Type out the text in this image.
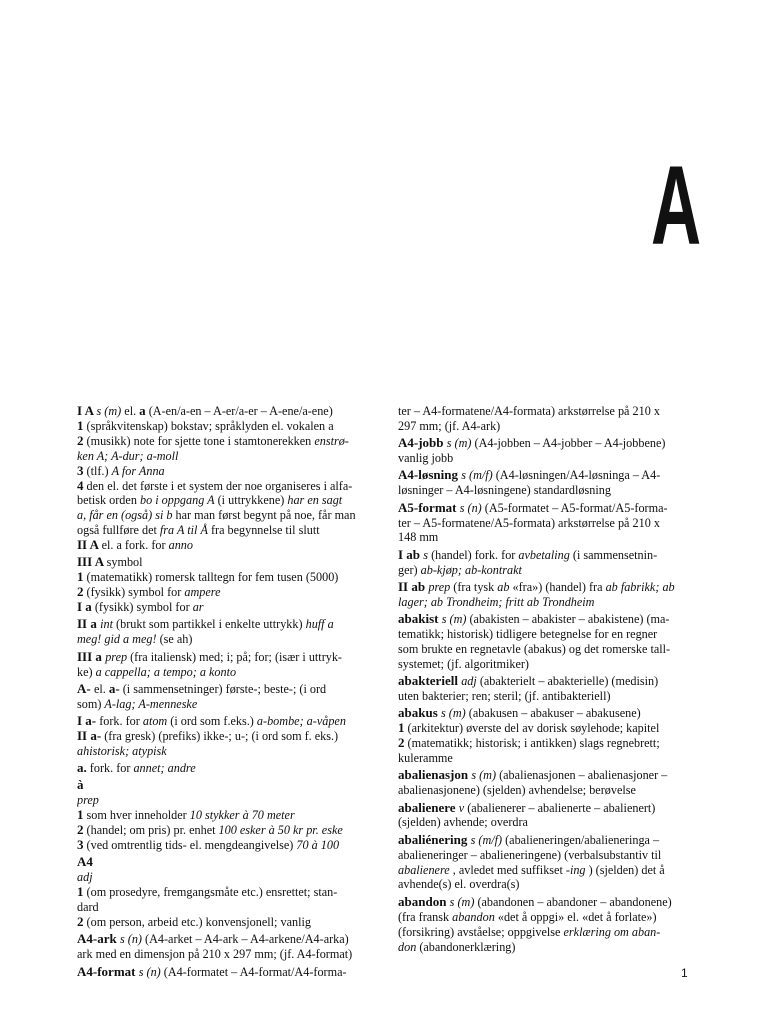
A
I A s (m) el. a (A-en/a-en – A-er/a-er – A-ene/a-ene)
1 (språkvitenskap) bokstav; språklyden el. vokalen a
2 (musikk) note for sjette tone i stamtonerekken enstrø-
ken A; A-dur; a-moll
3 (tlf.) A for Anna
4 den el. det første i et system der noe organiseres i alfa-
betisk orden bo i oppgang A (i uttrykkene) har en sagt
a, får en (også) si b har man først begynt på noe, får man
også fullføre det fra A til Å fra begynnelse til slutt
II A el. a fork. for anno
III A symbol
1 (matematikk) romersk talltegn for fem tusen (5000)
2 (fysikk) symbol for ampere
I a (fysikk) symbol for ar
II a int (brukt som partikkel i enkelte uttrykk) huff a
meg! gid a meg! (se ah)
III a prep (fra italiensk) med; i; på; for; (især i uttryk-
ke) a cappella; a tempo; a konto
A- el. a- (i sammensetninger) første-; beste-; (i ord
som) A-lag; A-menneske
I a- fork. for atom (i ord som f.eks.) a-bombe; a-våpen
II a- (fra gresk) (prefiks) ikke-; u-; (i ord som f. eks.)
ahistorisk; atypisk
a. fork. for annet; andre
à
prep
1 som hver inneholder 10 stykker à 70 meter
2 (handel; om pris) pr. enhet 100 esker à 50 kr pr. eske
3 (ved omtrentlig tids- el. mengdeangivelse) 70 à 100
A4
adj
1 (om prosedyre, fremgangsmåte etc.) ensrettet; stan-
dard
2 (om person, arbeid etc.) konvensjonell; vanlig
A4-ark s (n) (A4-arket – A4-ark – A4-arkene/A4-arka)
ark med en dimensjon på 210 x 297 mm; (jf. A4-format)
A4-format s (n) (A4-formatet – A4-format/A4-forma-
ter – A4-formatene/A4-formata) arkstørrelse på 210 x
297 mm; (jf. A4-ark)
A4-jobb s (m) (A4-jobben – A4-jobber – A4-jobbene)
vanlig jobb
A4-løsning s (m/f) (A4-løsningen/A4-løsninga – A4-
løsninger – A4-løsningene) standardløsning
A5-format s (n) (A5-formatet – A5-format/A5-forma-
ter – A5-formatene/A5-formata) arkstørrelse på 210 x
148 mm
I ab s (handel) fork. for avbetaling (i sammensetnin-
ger) ab-kjøp; ab-kontrakt
II ab prep (fra tysk ab «fra») (handel) fra ab fabrikk; ab
lager; ab Trondheim; fritt ab Trondheim
abakist s (m) (abakisten – abakister – abakistene) (ma-
tematikk; historisk) tidligere betegnelse for en regner
som brukte en regnetavle (abakus) og det romerske tall-
systemet; (jf. algoritmiker)
abakteriell adj (abakterielt – abakterielle) (medisin)
uten bakterier; ren; steril; (jf. antibakteriell)
abakus s (m) (abakusen – abakuser – abakusene)
1 (arkitektur) øverste del av dorisk søylehode; kapitel
2 (matematikk; historisk; i antikken) slags regnebrett;
kuleramme
abalienasjon s (m) (abalienasjonen – abalienasjoner –
abalienasjonene) (sjelden) avhendelse; berøvelse
abalienere v (abalienerer – abalienerte – abalienert)
(sjelden) avhende; overdra
abaliénering s (m/f) (abalieneringen/abalieneringa –
abalieneringer – abalieneringene) (verbalsubstantiv til
abalienere , avledet med suffikset -ing ) (sjelden) det å
avhende(s) el. overdra(s)
abandon s (m) (abandonen – abandoner – abandonene)
(fra fransk abandon «det å oppgi» el. «det å forlate»)
(forsikring) avståelse; oppgivelse erklæring om aban-
don (abandonerklæring)
1
